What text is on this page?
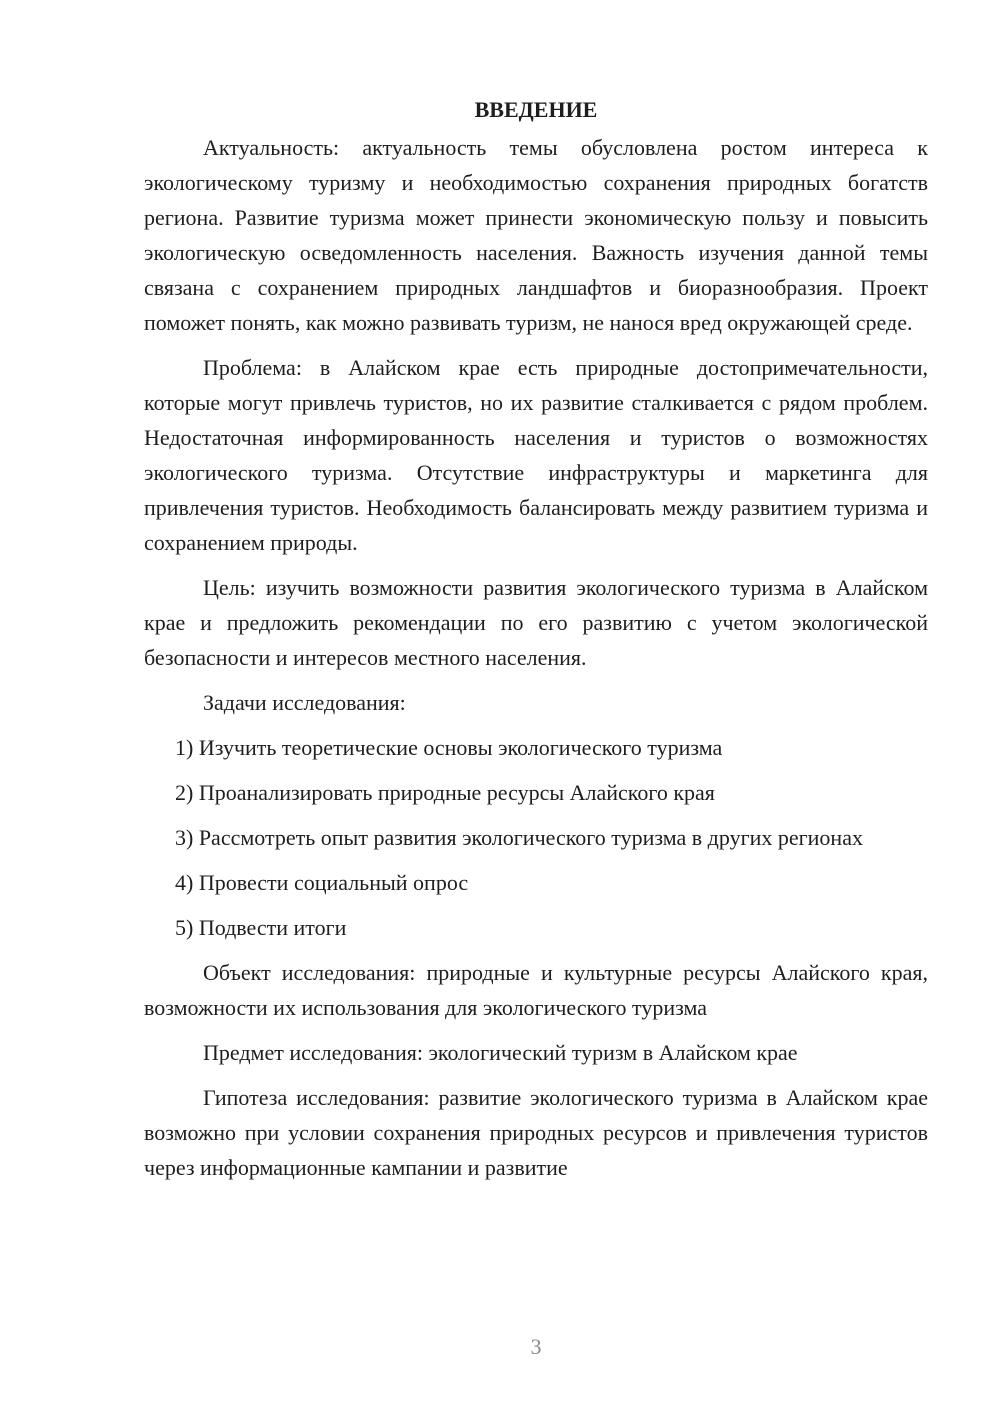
ВВЕДЕНИЕ

Актуальность: актуальность темы обусловлена ростом интереса к экологическому туризму и необходимостью сохранения природных богатств региона. Развитие туризма может принести экономическую пользу и повысить экологическую осведомленность населения. Важность изучения данной темы связана с сохранением природных ландшафтов и биоразнообразия. Проект поможет понять, как можно развивать туризм, не нанося вред окружающей среде.

Проблема: в Алайском крае есть природные достопримечательности, которые могут привлечь туристов, но их развитие сталкивается с рядом проблем. Недостаточная информированность населения и туристов о возможностях экологического туризма. Отсутствие инфраструктуры и маркетинга для привлечения туристов. Необходимость балансировать между развитием туризма и сохранением природы.

Цель: изучить возможности развития экологического туризма в Алайском крае и предложить рекомендации по его развитию с учетом экологической безопасности и интересов местного населения.

Задачи исследования:

1) Изучить теоретические основы экологического туризма

2) Проанализировать природные ресурсы Алайского края

3) Рассмотреть опыт развития экологического туризма в других регионах

4) Провести социальный опрос

5) Подвести итоги

Объект исследования: природные и культурные ресурсы Алайского края, возможности их использования для экологического туризма

Предмет исследования: экологический туризм в Алайском крае

Гипотеза исследования: развитие экологического туризма в Алайском крае возможно при условии сохранения природных ресурсов и привлечения туристов через информационные кампании и развитие

3
